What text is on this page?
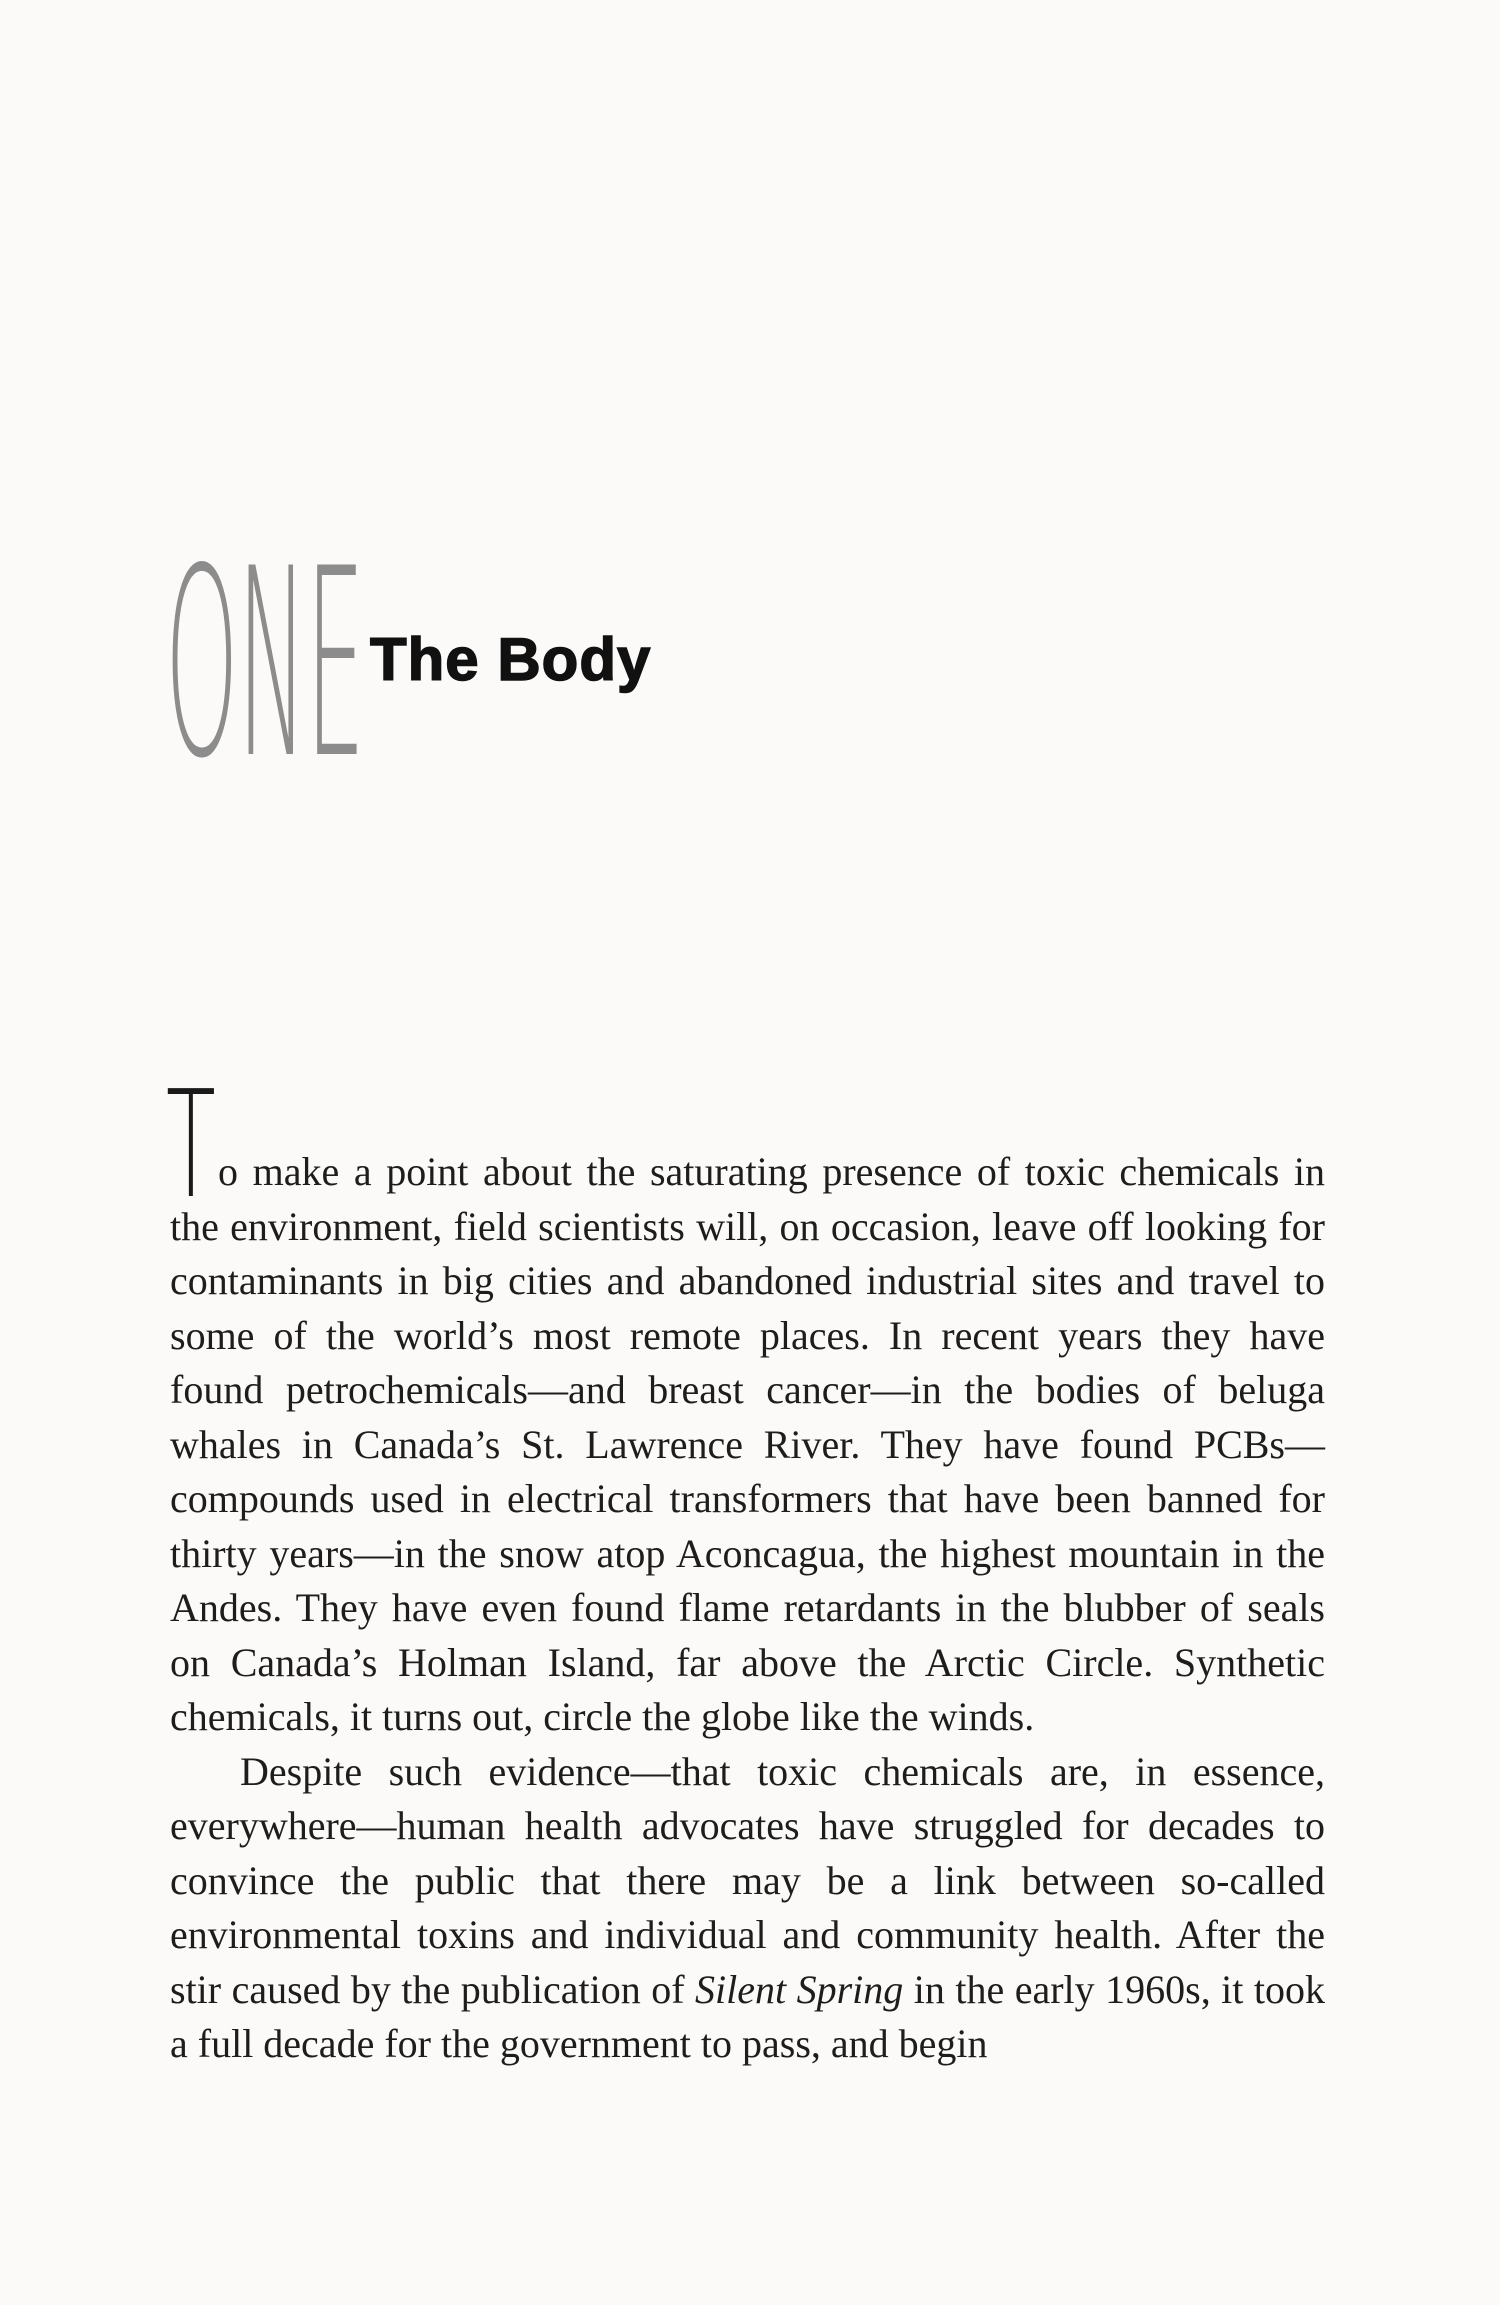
ONE The Body

To make a point about the saturating presence of toxic chemicals in the environment, field scientists will, on occasion, leave off looking for contaminants in big cities and abandoned industrial sites and travel to some of the world’s most remote places. In recent years they have found petrochemicals—and breast cancer—in the bodies of beluga whales in Canada’s St. Lawrence River. They have found PCBs—compounds used in electrical transformers that have been banned for thirty years—in the snow atop Aconcagua, the highest mountain in the Andes. They have even found flame retardants in the blubber of seals on Canada’s Holman Island, far above the Arctic Circle. Synthetic chemicals, it turns out, circle the globe like the winds.

Despite such evidence—that toxic chemicals are, in essence, everywhere—human health advocates have struggled for decades to convince the public that there may be a link between so-called environmental toxins and individual and community health. After the stir caused by the publication of Silent Spring in the early 1960s, it took a full decade for the government to pass, and begin
